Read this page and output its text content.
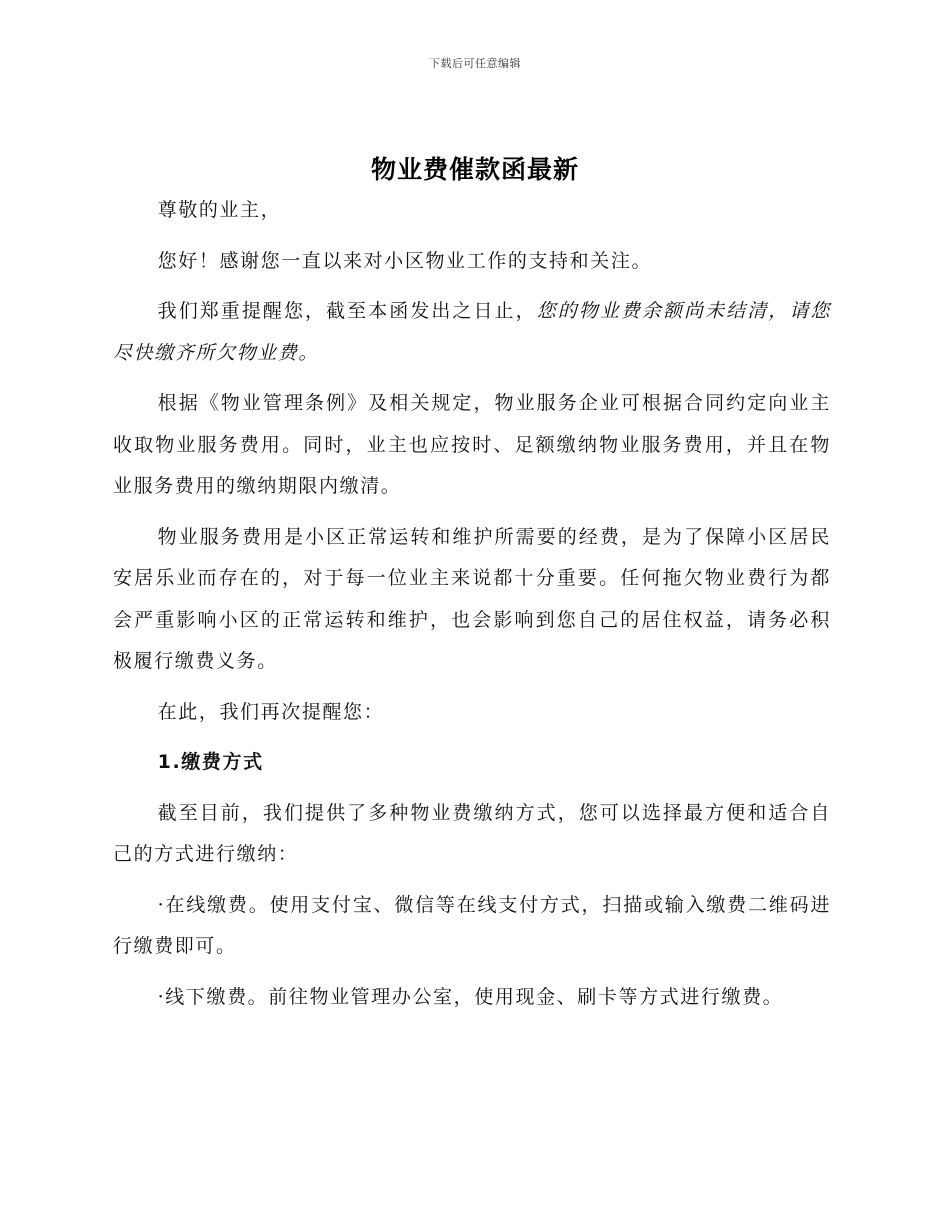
下载后可任意编辑
物业费催款函最新

尊敬的业主，

您好！感谢您一直以来对小区物业工作的支持和关注。

我们郑重提醒您，截至本函发出之日止，您的物业费余额尚未结清，请您尽快缴齐所欠物业费。

根据《物业管理条例》及相关规定，物业服务企业可根据合同约定向业主收取物业服务费用。同时，业主也应按时、足额缴纳物业服务费用，并且在物业服务费用的缴纳期限内缴清。

物业服务费用是小区正常运转和维护所需要的经费，是为了保障小区居民安居乐业而存在的，对于每一位业主来说都十分重要。任何拖欠物业费行为都会严重影响小区的正常运转和维护，也会影响到您自己的居住权益，请务必积极履行缴费义务。

在此，我们再次提醒您：

1.缴费方式

截至目前，我们提供了多种物业费缴纳方式，您可以选择最方便和适合自己的方式进行缴纳：

·在线缴费。使用支付宝、微信等在线支付方式，扫描或输入缴费二维码进行缴费即可。

·线下缴费。前往物业管理办公室，使用现金、刷卡等方式进行缴费。
